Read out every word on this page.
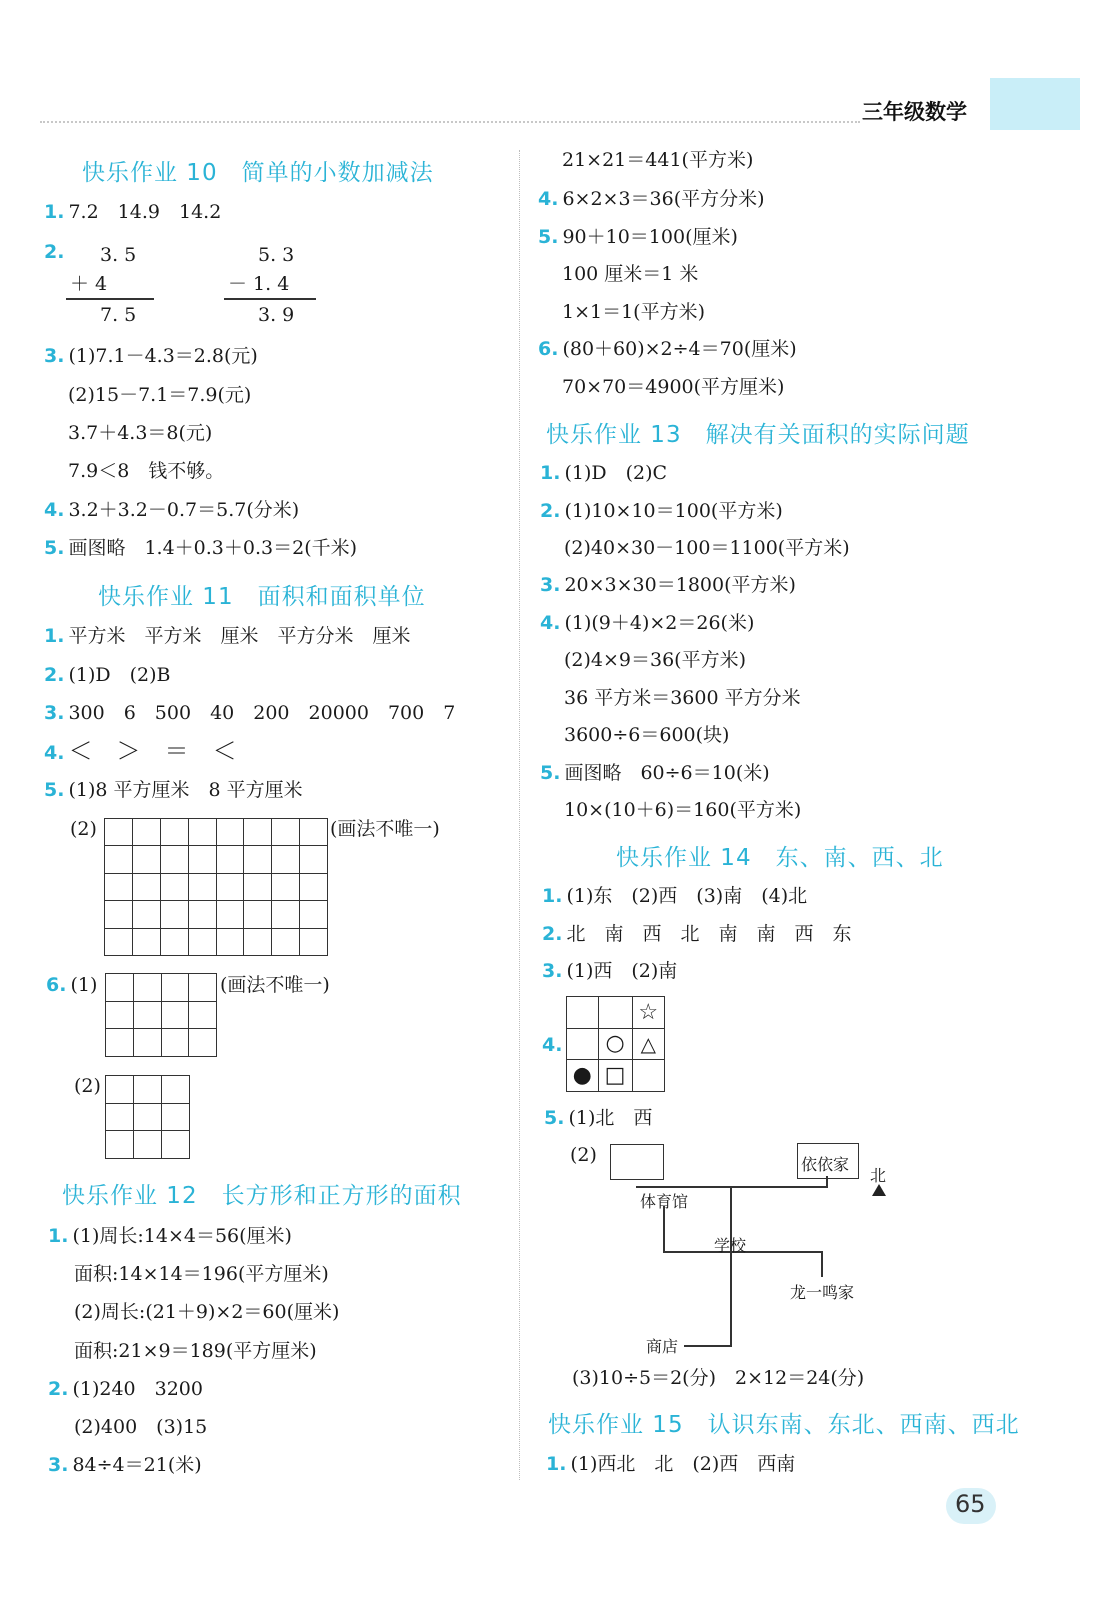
三年级数学
快乐作业 10　简单的小数加减法
1. 7.2　14.9　14.2
2. 3. 5
＋ 4
7. 5
5. 3
－ 1. 4
3. 9
3. (1)7.1－4.3＝2.8(元)
(2)15－7.1＝7.9(元)
3.7＋4.3＝8(元)
7.9＜8　钱不够。
4. 3.2＋3.2－0.7＝5.7(分米)
5. 画图略　1.4＋0.3＋0.3＝2(千米)
快乐作业 11　面积和面积单位
1. 平方米　平方米　厘米　平方分米　厘米
2. (1)D　(2)B
3. 300　6　500　40　200　20000　700　7
4. ＜　＞　＝　＜
5. (1)8 平方厘米　8 平方厘米
(2)

								(画法不唯一)
6. (1)

				(画法不唯一)
(2)

快乐作业 12　长方形和正方形的面积
1. (1)周长:14×4＝56(厘米)
面积:14×14＝196(平方厘米)
(2)周长:(21＋9)×2＝60(厘米)
面积:21×9＝189(平方厘米)
2. (1)240　3200
(2)400　(3)15
3. 84÷4＝21(米)
21×21＝441(平方米)
4. 6×2×3＝36(平方分米)
5. 90＋10＝100(厘米)
100 厘米＝1 米
1×1＝1(平方米)
6. (80＋60)×2÷4＝70(厘米)
70×70＝4900(平方厘米)
快乐作业 13　解决有关面积的实际问题
1. (1)D　(2)C
2. (1)10×10＝100(平方米)
(2)40×30－100＝1100(平方米)
3. 20×3×30＝1800(平方米)
4. (1)(9＋4)×2＝26(米)
(2)4×9＝36(平方米)
36 平方米＝3600 平方分米
3600÷6＝600(块)
5. 画图略　60÷6＝10(米)
10×(10＋6)＝160(平方米)
快乐作业 14　东、南、西、北
1. (1)东　(2)西　(3)南　(4)北
2. 北　南　西　北　南　南　西　东
3. (1)西　(2)南
4.
		☆
	○	△
●	□	
5. (1)北　西
(2)	依依家
北
体育馆
学校
龙一鸣家
商店
(3)10÷5＝2(分)　2×12＝24(分)
快乐作业 15　认识东南、东北、西南、西北
1. (1)西北　北　(2)西　西南
65
